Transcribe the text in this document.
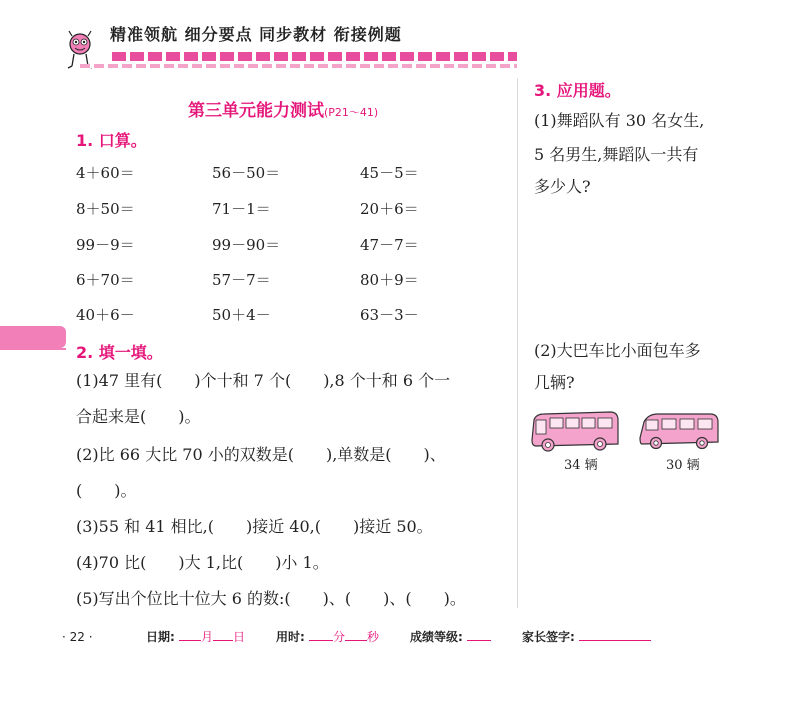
精准领航 细分要点 同步教材 衔接例题
第三单元能力测试(P21～41)
1. 口算。
4＋60＝	56－50＝	45－5＝
8＋50＝	71－1＝	20＋6＝
99－9＝	99－90＝	47－7＝
6＋70＝	57－7＝	80＋9＝
40＋6－	50＋4－	63－3－
2. 填一填。
(1)47 里有(　　)个十和 7 个(　　),8 个十和 6 个一
合起来是(　　)。
(2)比 66 大比 70 小的双数是(　　),单数是(　　)、
(　　)。
(3)55 和 41 相比,(　　)接近 40,(　　)接近 50。
(4)70 比(　　)大 1,比(　　)小 1。
(5)写出个位比十位大 6 的数:(　　)、(　　)、(　　)。
3. 应用题。
(1)舞蹈队有 30 名女生,
5 名男生,舞蹈队一共有
多少人?
(2)大巴车比小面包车多
几辆?
34 辆	30 辆
· 22 ·	日期: 月 日	用时: 分 秒	成绩等级:	家长签字:
